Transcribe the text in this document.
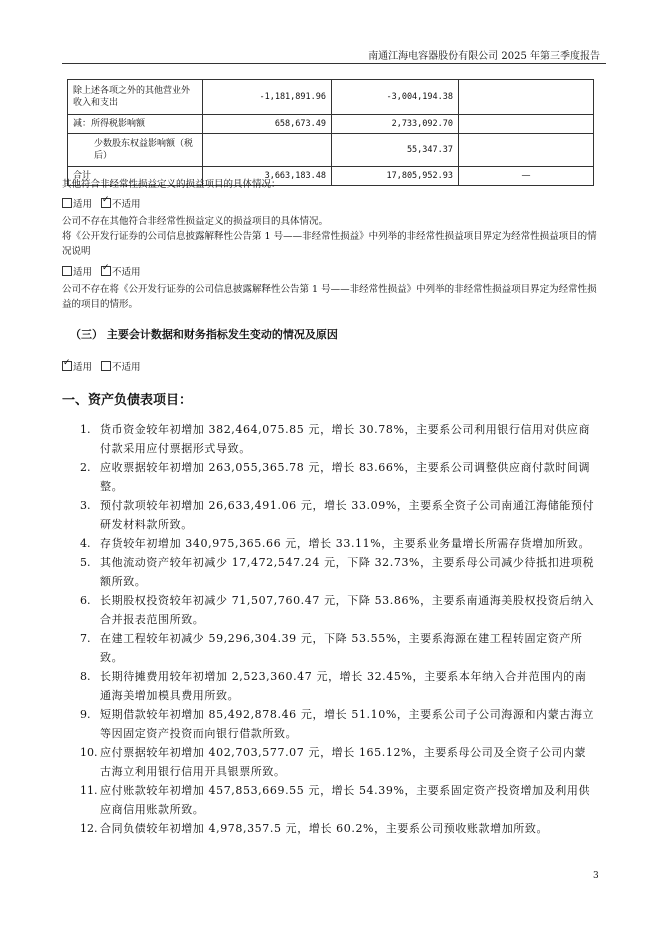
南通江海电容器股份有限公司 2025 年第三季度报告
除上述各项之外的其他营业外收入和支出	-1,181,891.96	-3,004,194.38	
减：所得税影响额	658,673.49	2,733,092.70	
少数股东权益影响额（税后）		55,347.37	
合计	3,663,183.48	17,805,952.93	—
其他符合非经常性损益定义的损益项目的具体情况：
适用 ✓ 不适用
公司不存在其他符合非经常性损益定义的损益项目的具体情况。
将《公开发行证券的公司信息披露解释性公告第 1 号——非经常性损益》中列举的非经常性损益项目界定为经常性损益项目的情况说明
适用 ✓ 不适用
公司不存在将《公开发行证券的公司信息披露解释性公告第 1 号——非经常性损益》中列举的非经常性损益项目界定为经常性损益的项目的情形。
（三） 主要会计数据和财务指标发生变动的情况及原因
✓适用 不适用
一、资产负债表项目：
1. 货币资金较年初增加 382,464,075.85 元，增长 30.78%，主要系公司利用银行信用对供应商付款采用应付票据形式导致。
2. 应收票据较年初增加 263,055,365.78 元，增长 83.66%，主要系公司调整供应商付款时间调整。
3. 预付款项较年初增加 26,633,491.06 元，增长 33.09%，主要系全资子公司南通江海储能预付研发材料款所致。
4. 存货较年初增加 340,975,365.66 元，增长 33.11%，主要系业务量增长所需存货增加所致。
5. 其他流动资产较年初减少 17,472,547.24 元，下降 32.73%，主要系母公司减少待抵扣进项税额所致。
6. 长期股权投资较年初减少 71,507,760.47 元，下降 53.86%，主要系南通海美股权投资后纳入合并报表范围所致。
7. 在建工程较年初减少 59,296,304.39 元，下降 53.55%，主要系海源在建工程转固定资产所致。
8. 长期待摊费用较年初增加 2,523,360.47 元，增长 32.45%，主要系本年纳入合并范围内的南通海美增加模具费用所致。
9. 短期借款较年初增加 85,492,878.46 元，增长 51.10%，主要系公司子公司海源和内蒙古海立等因固定资产投资而向银行借款所致。
10. 应付票据较年初增加 402,703,577.07 元，增长 165.12%，主要系母公司及全资子公司内蒙古海立利用银行信用开具银票所致。
11. 应付账款较年初增加 457,853,669.55 元，增长 54.39%，主要系固定资产投资增加及利用供应商信用账款所致。
12. 合同负债较年初增加 4,978,357.5 元，增长 60.2%，主要系公司预收账款增加所致。
3
